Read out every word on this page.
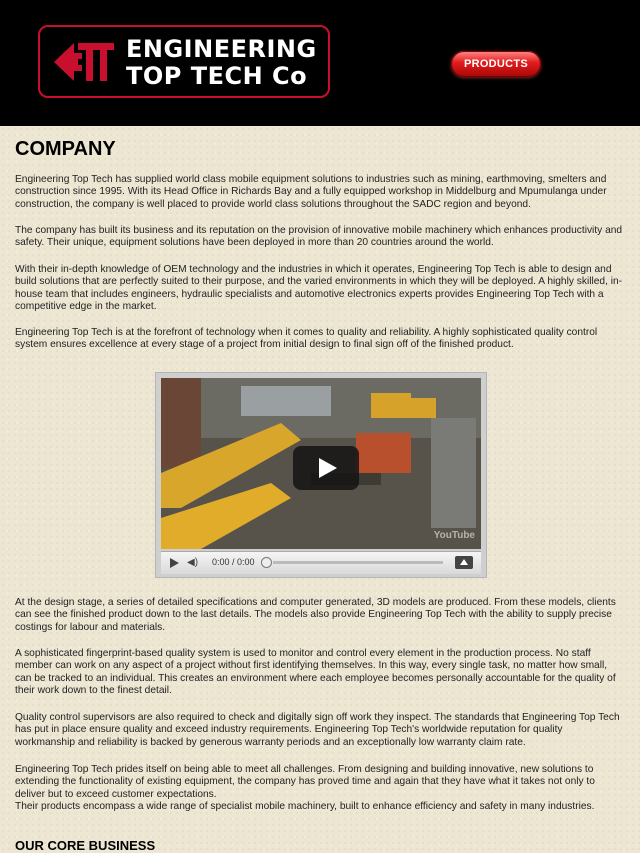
ENGINEERING
TOP TECH Co	PRODUCTS
COMPANY

Engineering Top Tech has supplied world class mobile equipment solutions to industries such as mining, earthmoving, smelters and construction since 1995. With its Head Office in Richards Bay and a fully equipped workshop in Middelburg and Mpumulanga under construction, the company is well placed to provide world class solutions throughout the SADC region and beyond.

The company has built its business and its reputation on the provision of innovative mobile machinery which enhances productivity and safety. Their unique, equipment solutions have been deployed in more than 20 countries around the world.

With their in-depth knowledge of OEM technology and the industries in which it operates, Engineering Top Tech is able to design and build solutions that are perfectly suited to their purpose, and the varied environments in which they will be deployed. A highly skilled, in-house team that includes engineers, hydraulic specialists and automotive electronics experts provides Engineering Top Tech with a competitive edge in the market.

Engineering Top Tech is at the forefront of technology when it comes to quality and reliability. A highly sophisticated quality control system ensures excellence at every stage of a project from initial design to final sign off of the finished product.

YouTube
◀) 0:00 / 0:00

At the design stage, a series of detailed specifications and computer generated, 3D models are produced. From these models, clients can see the finished product down to the last details. The models also provide Engineering Top Tech with the ability to supply precise costings for labour and materials.

A sophisticated fingerprint-based quality system is used to monitor and control every element in the production process. No staff member can work on any aspect of a project without first identifying themselves. In this way, every single task, no matter how small, can be tracked to an individual. This creates an environment where each employee becomes personally accountable for the quality of their work down to the finest detail.

Quality control supervisors are also required to check and digitally sign off work they inspect. The standards that Engineering Top Tech has put in place ensure quality and exceed industry requirements. Engineering Top Tech's worldwide reputation for quality workmanship and reliability is backed by generous warranty periods and an exceptionally low warranty claim rate.

Engineering Top Tech prides itself on being able to meet all challenges. From designing and building innovative, new solutions to extending the functionality of existing equipment, the company has proved time and again that they have what it takes not only to deliver but to exceed customer expectations.

Their products encompass a wide range of specialist mobile machinery, built to enhance efficiency and safety in many industries.

OUR CORE BUSINESS
